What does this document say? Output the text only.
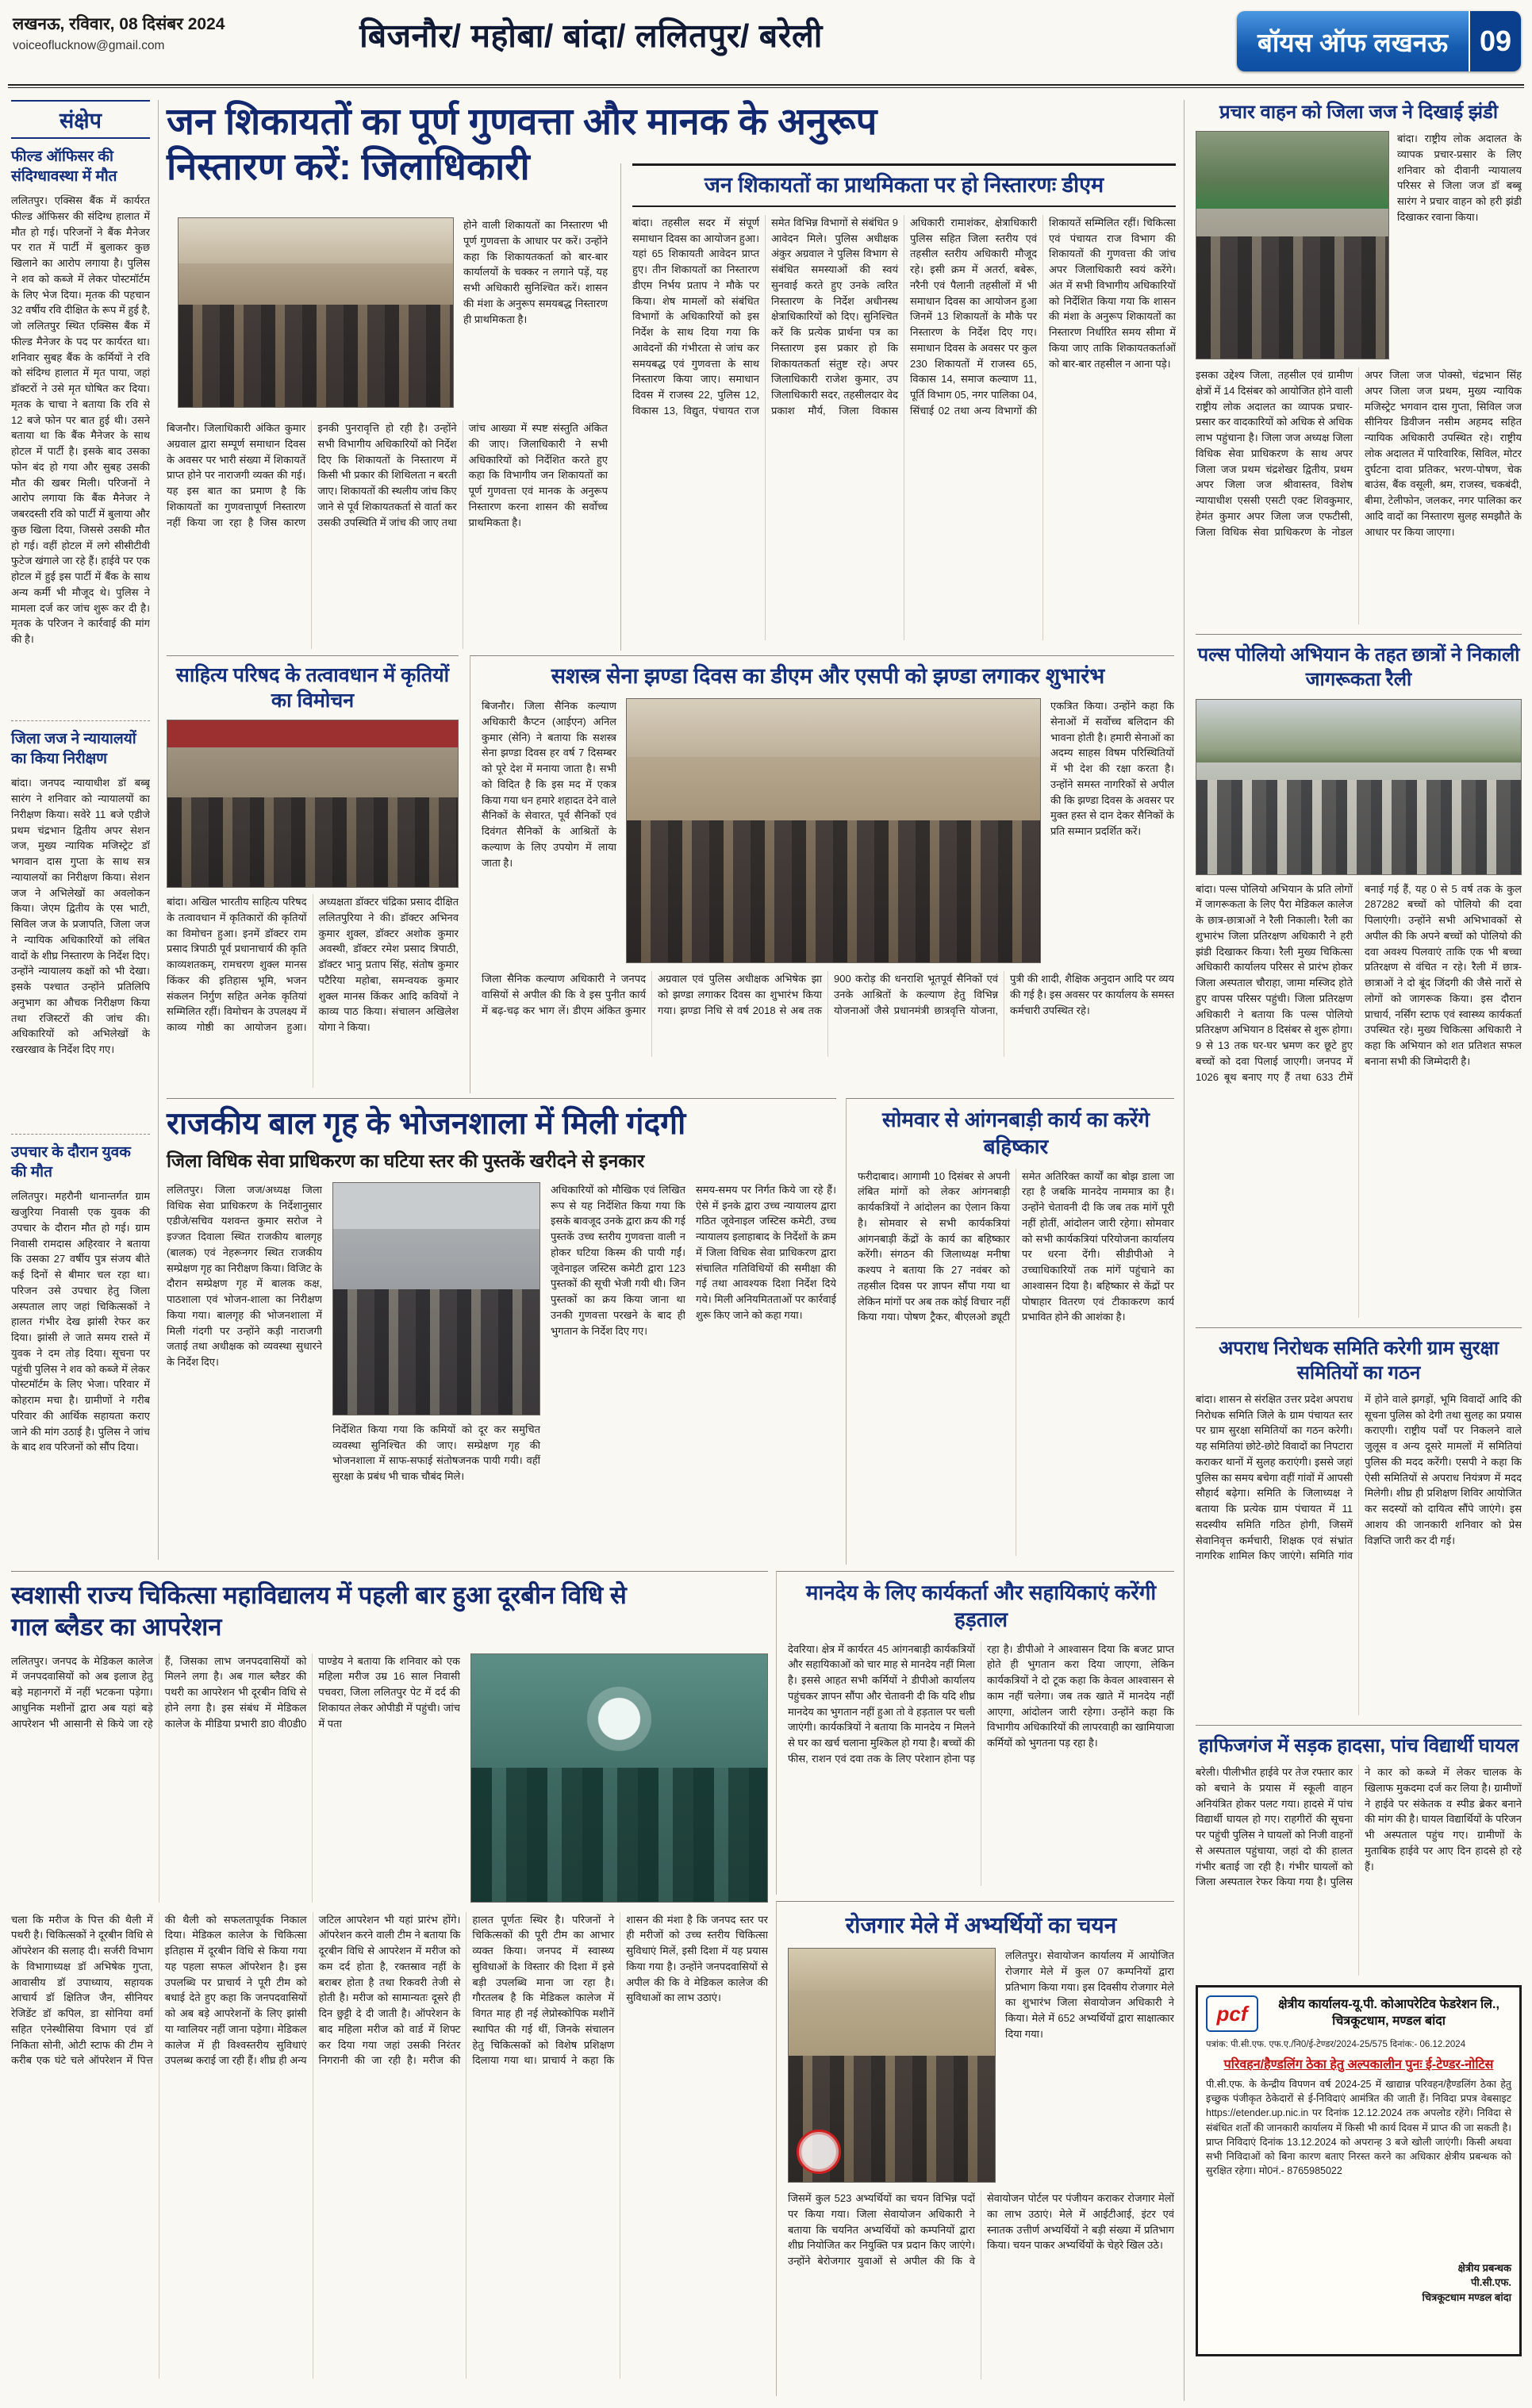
लखनऊ, रविवार, 08 दिसंबर 2024
voiceoflucknow@gmail.com	बिजनौर/ महोबा/ बांदा/ ललितपुर/ बरेली	बॉयस ऑफ लखनऊ	09
संक्षेप
फील्ड ऑफिसर की संदिग्धावस्था में मौत
ललितपुर। एक्सिस बैंक में कार्यरत फील्ड ऑफिसर की संदिग्ध हालात में मौत हो गई। परिजनों ने बैंक मैनेजर पर रात में पार्टी में बुलाकर कुछ खिलाने का आरोप लगाया है। पुलिस ने शव को कब्जे में लेकर पोस्टमॉर्टम के लिए भेज दिया। मृतक की पहचान 32 वर्षीय रवि दीक्षित के रूप में हुई है, जो ललितपुर स्थित एक्सिस बैंक में फील्ड मैनेजर के पद पर कार्यरत था। शनिवार सुबह बैंक के कर्मियों ने रवि को संदिग्ध हालात में मृत पाया, जहां डॉक्टरों ने उसे मृत घोषित कर दिया। मृतक के चाचा ने बताया कि रवि से 12 बजे फोन पर बात हुई थी। उसने बताया था कि बैंक मैनेजर के साथ होटल में पार्टी है। इसके बाद उसका फोन बंद हो गया और सुबह उसकी मौत की खबर मिली। परिजनों ने आरोप लगाया कि बैंक मैनेजर ने जबरदस्ती रवि को पार्टी में बुलाया और कुछ खिला दिया, जिससे उसकी मौत हो गई। वहीं होटल में लगे सीसीटीवी फुटेज खंगाले जा रहे हैं। हाईवे पर एक होटल में हुई इस पार्टी में बैंक के साथ अन्य कर्मी भी मौजूद थे। पुलिस ने मामला दर्ज कर जांच शुरू कर दी है। मृतक के परिजन ने कार्रवाई की मांग की है।
जिला जज ने न्यायालयों का किया निरीक्षण
बांदा। जनपद न्यायाधीश डॉ बब्बू सारंग ने शनिवार को न्यायालयों का निरीक्षण किया। सवेरे 11 बजे एडीजे प्रथम चंद्रभान द्वितीय अपर सेशन जज, मुख्य न्यायिक मजिस्ट्रेट डॉ भगवान दास गुप्ता के साथ सत्र न्यायालयों का निरीक्षण किया। सेशन जज ने अभिलेखों का अवलोकन किया। जेएम द्वितीय के एस भाटी, सिविल जज के प्रजापति, जिला जज ने न्यायिक अधिकारियों को लंबित वादों के शीघ्र निस्तारण के निर्देश दिए। उन्होंने न्यायालय कक्षों को भी देखा। इसके पश्चात उन्होंने प्रतिलिपि अनुभाग का औचक निरीक्षण किया तथा रजिस्टरों की जांच की। अधिकारियों को अभिलेखों के रखरखाव के निर्देश दिए गए।
उपचार के दौरान युवक की मौत
ललितपुर। महरौनी थानान्तर्गत ग्राम खजुरिया निवासी एक युवक की उपचार के दौरान मौत हो गई। ग्राम निवासी रामदास अहिरवार ने बताया कि उसका 27 वर्षीय पुत्र संजय बीते कई दिनों से बीमार चल रहा था। परिजन उसे उपचार हेतु जिला अस्पताल लाए जहां चिकित्सकों ने हालत गंभीर देख झांसी रेफर कर दिया। झांसी ले जाते समय रास्ते में युवक ने दम तोड़ दिया। सूचना पर पहुंची पुलिस ने शव को कब्जे में लेकर पोस्टमॉर्टम के लिए भेजा। परिवार में कोहराम मचा है। ग्रामीणों ने गरीब परिवार की आर्थिक सहायता कराए जाने की मांग उठाई है। पुलिस ने जांच के बाद शव परिजनों को सौंप दिया।
जन शिकायतों का पूर्ण गुणवत्ता और मानक के अनुरूप निस्तारण करें: जिलाधिकारी
होने वाली शिकायतों का निस्तारण भी पूर्ण गुणवत्ता के आधार पर करें। उन्होंने कहा कि शिकायतकर्ता को बार-बार कार्यालयों के चक्कर न लगाने पड़ें, यह सभी अधिकारी सुनिश्चित करें। शासन की मंशा के अनुरूप समयबद्ध निस्तारण ही प्राथमिकता है।
बिजनौर। जिलाधिकारी अंकित कुमार अग्रवाल द्वारा सम्पूर्ण समाधान दिवस के अवसर पर भारी संख्या में शिकायतें प्राप्त होने पर नाराजगी व्यक्त की गई। यह इस बात का प्रमाण है कि शिकायतों का गुणवत्तापूर्ण निस्तारण नहीं किया जा रहा है जिस कारण इनकी पुनरावृत्ति हो रही है। उन्होंने सभी विभागीय अधिकारियों को निर्देश दिए कि शिकायतों के निस्तारण में किसी भी प्रकार की शिथिलता न बरती जाए। शिकायतों की स्थलीय जांच किए जाने से पूर्व शिकायतकर्ता से वार्ता कर उसकी उपस्थिति में जांच की जाए तथा जांच आख्या में स्पष्ट संस्तुति अंकित की जाए। जिलाधिकारी ने सभी अधिकारियों को निर्देशित करते हुए कहा कि विभागीय जन शिकायतों का पूर्ण गुणवत्ता एवं मानक के अनुरूप निस्तारण करना शासन की सर्वोच्च प्राथमिकता है।
जन शिकायतों का प्राथमिकता पर हो निस्तारणः डीएम
बांदा। तहसील सदर में संपूर्ण समाधान दिवस का आयोजन हुआ। यहां 65 शिकायती आवेदन प्राप्त हुए। तीन शिकायतों का निस्तारण डीएम निर्भय प्रताप ने मौके पर किया। शेष मामलों को संबंधित विभागों के अधिकारियों को इस निर्देश के साथ दिया गया कि आवेदनों की गंभीरता से जांच कर समयबद्ध एवं गुणवत्ता के साथ निस्तारण किया जाए। समाधान दिवस में राजस्व 22, पुलिस 12, विकास 13, विद्युत, पंचायत राज समेत विभिन्न विभागों से संबंधित 9 आवेदन मिले। पुलिस अधीक्षक अंकुर अग्रवाल ने पुलिस विभाग से संबंधित समस्याओं की स्वयं सुनवाई करते हुए उनके त्वरित निस्तारण के निर्देश अधीनस्थ क्षेत्राधिकारियों को दिए। सुनिश्चित करें कि प्रत्येक प्रार्थना पत्र का निस्तारण इस प्रकार हो कि शिकायतकर्ता संतुष्ट रहे। अपर जिलाधिकारी राजेश कुमार, उप जिलाधिकारी सदर, तहसीलदार वेद प्रकाश मौर्य, जिला विकास अधिकारी रामाशंकर, क्षेत्राधिकारी पुलिस सहित जिला स्तरीय एवं तहसील स्तरीय अधिकारी मौजूद रहे। इसी क्रम में अतर्रा, बबेरू, नरैनी एवं पैलानी तहसीलों में भी समाधान दिवस का आयोजन हुआ जिनमें 13 शिकायतों के मौके पर निस्तारण के निर्देश दिए गए। समाधान दिवस के अवसर पर कुल 230 शिकायतों में राजस्व 65, विकास 14, समाज कल्याण 11, पूर्ति विभाग 05, नगर पालिका 04, सिंचाई 02 तथा अन्य विभागों की शिकायतें सम्मिलित रहीं। चिकित्सा एवं पंचायत राज विभाग की शिकायतों की गुणवत्ता की जांच अपर जिलाधिकारी स्वयं करेंगे। अंत में सभी विभागीय अधिकारियों को निर्देशित किया गया कि शासन की मंशा के अनुरूप शिकायतों का निस्तारण निर्धारित समय सीमा में किया जाए ताकि शिकायतकर्ताओं को बार-बार तहसील न आना पड़े।
साहित्य परिषद के तत्वावधान में कृतियों का विमोचन
बांदा। अखिल भारतीय साहित्य परिषद के तत्वावधान में कृतिकारों की कृतियों का विमोचन हुआ। इनमें डॉक्टर राम प्रसाद त्रिपाठी पूर्व प्रधानाचार्य की कृति काव्यशतकम्, रामचरण शुक्ल मानस किंकर की इतिहास भूमि, भजन संकलन निर्गुण सहित अनेक कृतियां सम्मिलित रहीं। विमोचन के उपलक्ष्य में काव्य गोष्ठी का आयोजन हुआ। अध्यक्षता डॉक्टर चंद्रिका प्रसाद दीक्षित ललितपुरिया ने की। डॉक्टर अभिनव कुमार शुक्ल, डॉक्टर अशोक कुमार अवस्थी, डॉक्टर रमेश प्रसाद त्रिपाठी, डॉक्टर भानु प्रताप सिंह, संतोष कुमार पटैरिया महोबा, समन्वयक कुमार शुक्ल मानस किंकर आदि कवियों ने काव्य पाठ किया। संचालन अखिलेश योगा ने किया।
सशस्त्र सेना झण्डा दिवस का डीएम और एसपी को झण्डा लगाकर शुभारंभ
बिजनौर। जिला सैनिक कल्याण अधिकारी कैप्टन (आईएन) अनिल कुमार (सेनि) ने बताया कि सशस्त्र सेना झण्डा दिवस हर वर्ष 7 दिसम्बर को पूरे देश में मनाया जाता है। सभी को विदित है कि इस मद में एकत्र किया गया धन हमारे शहादत देने वाले सैनिकों के सेवारत, पूर्व सैनिकों एवं दिवंगत सैनिकों के आश्रितों के कल्याण के लिए उपयोग में लाया जाता है।
एकत्रित किया। उन्होंने कहा कि सेनाओं में सर्वोच्च बलिदान की भावना होती है। हमारी सेनाओं का अदम्य साहस विषम परिस्थितियों में भी देश की रक्षा करता है। उन्होंने समस्त नागरिकों से अपील की कि झण्डा दिवस के अवसर पर मुक्त हस्त से दान देकर सैनिकों के प्रति सम्मान प्रदर्शित करें।
जिला सैनिक कल्याण अधिकारी ने जनपद वासियों से अपील की कि वे इस पुनीत कार्य में बढ़-चढ़ कर भाग लें। डीएम अंकित कुमार अग्रवाल एवं पुलिस अधीक्षक अभिषेक झा को झण्डा लगाकर दिवस का शुभारंभ किया गया। झण्डा निधि से वर्ष 2018 से अब तक 900 करोड़ की धनराशि भूतपूर्व सैनिकों एवं उनके आश्रितों के कल्याण हेतु विभिन्न योजनाओं जैसे प्रधानमंत्री छात्रवृत्ति योजना, पुत्री की शादी, शैक्षिक अनुदान आदि पर व्यय की गई है। इस अवसर पर कार्यालय के समस्त कर्मचारी उपस्थित रहे।
राजकीय बाल गृह के भोजनशाला में मिली गंदगी
जिला विधिक सेवा प्राधिकरण का घटिया स्तर की पुस्तकें खरीदने से इनकार
ललितपुर। जिला जज/अध्यक्ष जिला विधिक सेवा प्राधिकरण के निर्देशानुसार एडीजे/सचिव यशवन्त कुमार सरोज ने इज्जत दिवाला स्थित राजकीय बालगृह (बालक) एवं नेहरूनगर स्थित राजकीय सम्प्रेक्षण गृह का निरीक्षण किया। विजिट के दौरान सम्प्रेक्षण गृह में बालक कक्ष, पाठशाला एवं भोजन-शाला का निरीक्षण किया गया। बालगृह की भोजनशाला में मिली गंदगी पर उन्होंने कड़ी नाराजगी जताई तथा अधीक्षक को व्यवस्था सुधारने के निर्देश दिए।
निर्देशित किया गया कि कमियों को दूर कर समुचित व्यवस्था सुनिश्चित की जाए। सम्प्रेक्षण गृह की भोजनशाला में साफ-सफाई संतोषजनक पायी गयी। वहीं सुरक्षा के प्रबंध भी चाक चौबंद मिले।
अधिकारियों को मौखिक एवं लिखित रूप से यह निर्देशित किया गया कि इसके बावजूद उनके द्वारा क्रय की गई पुस्तकें उच्च स्तरीय गुणवत्ता वाली न होकर घटिया किस्म की पायी गईं। जूवेनाइल जस्टिस कमेटी द्वारा 123 पुस्तकों की सूची भेजी गयी थी। जिन पुस्तकों का क्रय किया जाना था उनकी गुणवत्ता परखने के बाद ही भुगतान के निर्देश दिए गए।
समय-समय पर निर्गत किये जा रहे हैं। ऐसे में इनके द्वारा उच्च न्यायालय द्वारा गठित जूवेनाइल जस्टिस कमेटी, उच्च न्यायालय इलाहाबाद के निर्देशों के क्रम में जिला विधिक सेवा प्राधिकरण द्वारा संचालित गतिविधियों की समीक्षा की गई तथा आवश्यक दिशा निर्देश दिये गये। मिली अनियमितताओं पर कार्रवाई शुरू किए जाने को कहा गया।
सोमवार से आंगनबाड़ी कार्य का करेंगे बहिष्कार
फरीदाबाद। आगामी 10 दिसंबर से अपनी लंबित मांगों को लेकर आंगनबाड़ी कार्यकत्रियों ने आंदोलन का ऐलान किया है। सोमवार से सभी कार्यकत्रियां आंगनबाड़ी केंद्रों के कार्य का बहिष्कार करेंगी। संगठन की जिलाध्यक्ष मनीषा कश्यप ने बताया कि 27 नवंबर को तहसील दिवस पर ज्ञापन सौंपा गया था लेकिन मांगों पर अब तक कोई विचार नहीं किया गया। पोषण ट्रैकर, बीएलओ ड्यूटी समेत अतिरिक्त कार्यों का बोझ डाला जा रहा है जबकि मानदेय नाममात्र का है। उन्होंने चेतावनी दी कि जब तक मांगें पूरी नहीं होतीं, आंदोलन जारी रहेगा। सोमवार को सभी कार्यकत्रियां परियोजना कार्यालय पर धरना देंगी। सीडीपीओ ने उच्चाधिकारियों तक मांगें पहुंचाने का आश्वासन दिया है। बहिष्कार से केंद्रों पर पोषाहार वितरण एवं टीकाकरण कार्य प्रभावित होने की आशंका है।
स्वशासी राज्य चिकित्सा महाविद्यालय में पहली बार हुआ दूरबीन विधि से गाल ब्लैडर का आपरेशन
ललितपुर। जनपद के मेडिकल कालेज में जनपदवासियों को अब इलाज हेतु बड़े महानगरों में नहीं भटकना पड़ेगा। आधुनिक मशीनों द्वारा अब यहां बड़े आपरेशन भी आसानी से किये जा रहे हैं, जिसका लाभ जनपदवासियों को मिलने लगा है। अब गाल ब्लैडर की पथरी का आपरेशन भी दूरबीन विधि से होने लगा है। इस संबंध में मेडिकल कालेज के मीडिया प्रभारी डा0 वी0डी0 पाण्डेय ने बताया कि शनिवार को एक महिला मरीज उम्र 16 साल निवासी पचवरा, जिला ललितपुर पेट में दर्द की शिकायत लेकर ओपीडी में पहुंची। जांच में पता
चला कि मरीज के पित्त की थैली में पथरी है। चिकित्सकों ने दूरबीन विधि से ऑपरेशन की सलाह दी। सर्जरी विभाग के विभागाध्यक्ष डॉ अभिषेक गुप्ता, आवासीय डॉ उपाध्याय, सहायक आचार्य डॉ क्षितिज जैन, सीनियर रेजिडेंट डॉ कपिल, डा सोनिया वर्मा सहित एनेस्थीसिया विभाग एवं डॉ निकिता सोनी, ओटी स्टाफ की टीम ने करीब एक घंटे चले ऑपरेशन में पित्त की थैली को सफलतापूर्वक निकाल दिया। मेडिकल कालेज के चिकित्सा इतिहास में दूरबीन विधि से किया गया यह पहला सफल ऑपरेशन है। इस उपलब्धि पर प्राचार्य ने पूरी टीम को बधाई देते हुए कहा कि जनपदवासियों को अब बड़े आपरेशनों के लिए झांसी या ग्वालियर नहीं जाना पड़ेगा। मेडिकल कालेज में ही विश्वस्तरीय सुविधाएं उपलब्ध कराई जा रही हैं। शीघ्र ही अन्य जटिल आपरेशन भी यहां प्रारंभ होंगे। ऑपरेशन करने वाली टीम ने बताया कि दूरबीन विधि से आपरेशन में मरीज को कम दर्द होता है, रक्तस्राव नहीं के बराबर होता है तथा रिकवरी तेजी से होती है। मरीज को सामान्यतः दूसरे ही दिन छुट्टी दे दी जाती है। ऑपरेशन के बाद महिला मरीज को वार्ड में शिफ्ट कर दिया गया जहां उसकी निरंतर निगरानी की जा रही है। मरीज की हालत पूर्णतः स्थिर है। परिजनों ने चिकित्सकों की पूरी टीम का आभार व्यक्त किया। जनपद में स्वास्थ्य सुविधाओं के विस्तार की दिशा में इसे बड़ी उपलब्धि माना जा रहा है। गौरतलब है कि मेडिकल कालेज में विगत माह ही नई लेप्रोस्कोपिक मशीनें स्थापित की गई थीं, जिनके संचालन हेतु चिकित्सकों को विशेष प्रशिक्षण दिलाया गया था। प्राचार्य ने कहा कि शासन की मंशा है कि जनपद स्तर पर ही मरीजों को उच्च स्तरीय चिकित्सा सुविधाएं मिलें, इसी दिशा में यह प्रयास किया गया है। उन्होंने जनपदवासियों से अपील की कि वे मेडिकल कालेज की सुविधाओं का लाभ उठाएं।
मानदेय के लिए कार्यकर्ता और सहायिकाएं करेंगी हड़ताल
देवरिया। क्षेत्र में कार्यरत 45 आंगनबाड़ी कार्यकत्रियों और सहायिकाओं को चार माह से मानदेय नहीं मिला है। इससे आहत सभी कर्मियों ने डीपीओ कार्यालय पहुंचकर ज्ञापन सौंपा और चेतावनी दी कि यदि शीघ्र मानदेय का भुगतान नहीं हुआ तो वे हड़ताल पर चली जाएंगी। कार्यकत्रियों ने बताया कि मानदेय न मिलने से घर का खर्च चलाना मुश्किल हो गया है। बच्चों की फीस, राशन एवं दवा तक के लिए परेशान होना पड़ रहा है। डीपीओ ने आश्वासन दिया कि बजट प्राप्त होते ही भुगतान करा दिया जाएगा, लेकिन कार्यकत्रियों ने दो टूक कहा कि केवल आश्वासन से काम नहीं चलेगा। जब तक खाते में मानदेय नहीं आएगा, आंदोलन जारी रहेगा। उन्होंने कहा कि विभागीय अधिकारियों की लापरवाही का खामियाजा कर्मियों को भुगतना पड़ रहा है।
रोजगार मेले में अभ्यर्थियों का चयन
ललितपुर। सेवायोजन कार्यालय में आयोजित रोजगार मेले में कुल 07 कम्पनियों द्वारा प्रतिभाग किया गया। इस दिवसीय रोजगार मेले का शुभारंभ जिला सेवायोजन अधिकारी ने किया। मेले में 652 अभ्यर्थियों द्वारा साक्षात्कार दिया गया।
जिसमें कुल 523 अभ्यर्थियों का चयन विभिन्न पदों पर किया गया। जिला सेवायोजन अधिकारी ने बताया कि चयनित अभ्यर्थियों को कम्पनियों द्वारा शीघ्र नियोजित कर नियुक्ति पत्र प्रदान किए जाएंगे। उन्होंने बेरोजगार युवाओं से अपील की कि वे सेवायोजन पोर्टल पर पंजीयन कराकर रोजगार मेलों का लाभ उठाएं। मेले में आईटीआई, इंटर एवं स्नातक उत्तीर्ण अभ्यर्थियों ने बड़ी संख्या में प्रतिभाग किया। चयन पाकर अभ्यर्थियों के चेहरे खिल उठे।
प्रचार वाहन को जिला जज ने दिखाई झंडी
बांदा। राष्ट्रीय लोक अदालत के व्यापक प्रचार-प्रसार के लिए शनिवार को दीवानी न्यायालय परिसर से जिला जज डॉ बब्बू सारंग ने प्रचार वाहन को हरी झंडी दिखाकर रवाना किया।
इसका उद्देश्य जिला, तहसील एवं ग्रामीण क्षेत्रों में 14 दिसंबर को आयोजित होने वाली राष्ट्रीय लोक अदालत का व्यापक प्रचार-प्रसार कर वादकारियों को अधिक से अधिक लाभ पहुंचाना है। जिला जज अध्यक्ष जिला विधिक सेवा प्राधिकरण के साथ अपर जिला जज प्रथम चंद्रशेखर द्वितीय, प्रथम अपर जिला जज श्रीवास्तव, विशेष न्यायाधीश एससी एसटी एक्ट शिवकुमार, हेमंत कुमार अपर जिला जज एफटीसी, जिला विधिक सेवा प्राधिकरण के नोडल अपर जिला जज पोक्सो, चंद्रभान सिंह अपर जिला जज प्रथम, मुख्य न्यायिक मजिस्ट्रेट भगवान दास गुप्ता, सिविल जज सीनियर डिवीजन नसीम अहमद सहित न्यायिक अधिकारी उपस्थित रहे। राष्ट्रीय लोक अदालत में पारिवारिक, सिविल, मोटर दुर्घटना दावा प्रतिकर, भरण-पोषण, चेक बाउंस, बैंक वसूली, श्रम, राजस्व, चकबंदी, बीमा, टेलीफोन, जलकर, नगर पालिका कर आदि वादों का निस्तारण सुलह समझौते के आधार पर किया जाएगा।
पल्स पोलियो अभियान के तहत छात्रों ने निकाली जागरूकता रैली
बांदा। पल्स पोलियो अभियान के प्रति लोगों में जागरूकता के लिए पैरा मेडिकल कालेज के छात्र-छात्राओं ने रैली निकाली। रैली का शुभारंभ जिला प्रतिरक्षण अधिकारी ने हरी झंडी दिखाकर किया। रैली मुख्य चिकित्सा अधिकारी कार्यालय परिसर से प्रारंभ होकर जिला अस्पताल चौराहा, जामा मस्जिद होते हुए वापस परिसर पहुंची। जिला प्रतिरक्षण अधिकारी ने बताया कि पल्स पोलियो प्रतिरक्षण अभियान 8 दिसंबर से शुरू होगा। 9 से 13 तक घर-घर भ्रमण कर छूटे हुए बच्चों को दवा पिलाई जाएगी। जनपद में 1026 बूथ बनाए गए हैं तथा 633 टीमें बनाई गई हैं, यह 0 से 5 वर्ष तक के कुल 287282 बच्चों को पोलियो की दवा पिलाएंगी। उन्होंने सभी अभिभावकों से अपील की कि अपने बच्चों को पोलियो की दवा अवश्य पिलवाएं ताकि एक भी बच्चा प्रतिरक्षण से वंचित न रहे। रैली में छात्र-छात्राओं ने दो बूंद जिंदगी की जैसे नारों से लोगों को जागरूक किया। इस दौरान प्राचार्य, नर्सिंग स्टाफ एवं स्वास्थ्य कार्यकर्ता उपस्थित रहे। मुख्य चिकित्सा अधिकारी ने कहा कि अभियान को शत प्रतिशत सफल बनाना सभी की जिम्मेदारी है।
अपराध निरोधक समिति करेगी ग्राम सुरक्षा समितियों का गठन
बांदा। शासन से संरक्षित उत्तर प्रदेश अपराध निरोधक समिति जिले के ग्राम पंचायत स्तर पर ग्राम सुरक्षा समितियों का गठन करेगी। यह समितियां छोटे-छोटे विवादों का निपटारा कराकर थानों में सुलह कराएंगी। इससे जहां पुलिस का समय बचेगा वहीं गांवों में आपसी सौहार्द बढ़ेगा। समिति के जिलाध्यक्ष ने बताया कि प्रत्येक ग्राम पंचायत में 11 सदस्यीय समिति गठित होगी, जिसमें सेवानिवृत्त कर्मचारी, शिक्षक एवं संभ्रांत नागरिक शामिल किए जाएंगे। समिति गांव में होने वाले झगड़ों, भूमि विवादों आदि की सूचना पुलिस को देगी तथा सुलह का प्रयास कराएगी। राष्ट्रीय पर्वों पर निकलने वाले जुलूस व अन्य दूसरे मामलों में समितियां पुलिस की मदद करेंगी। एसपी ने कहा कि ऐसी समितियों से अपराध नियंत्रण में मदद मिलेगी। शीघ्र ही प्रशिक्षण शिविर आयोजित कर सदस्यों को दायित्व सौंपे जाएंगे। इस आशय की जानकारी शनिवार को प्रेस विज्ञप्ति जारी कर दी गई।
हाफिजगंज में सड़क हादसा, पांच विद्यार्थी घायल
बरेली। पीलीभीत हाईवे पर तेज रफ्तार कार को बचाने के प्रयास में स्कूली वाहन अनियंत्रित होकर पलट गया। हादसे में पांच विद्यार्थी घायल हो गए। राहगीरों की सूचना पर पहुंची पुलिस ने घायलों को निजी वाहनों से अस्पताल पहुंचाया, जहां दो की हालत गंभीर बताई जा रही है। गंभीर घायलों को जिला अस्पताल रेफर किया गया है। पुलिस ने कार को कब्जे में लेकर चालक के खिलाफ मुकदमा दर्ज कर लिया है। ग्रामीणों ने हाईवे पर संकेतक व स्पीड ब्रेकर बनाने की मांग की है। घायल विद्यार्थियों के परिजन भी अस्पताल पहुंच गए। ग्रामीणों के मुताबिक हाईवे पर आए दिन हादसे हो रहे हैं।
pcf	क्षेत्रीय कार्यालय-यू.पी. कोआपरेटिव फेडरेशन लि.,
चित्रकूटधाम, मण्डल बांदा
पत्रांक: पी.सी.एफ. एफ.ए./नि0/ई-टेण्डर/2024-25/575 दिनांक:- 06.12.2024
परिवहन/हैण्डलिंग ठेका हेतु अल्पकालीन पुनः ई-टेण्डर-नोटिस
पी.सी.एफ. के केन्द्रीय विपणन वर्ष 2024-25 में खाद्यान्न परिवहन/हैण्डलिंग ठेका हेतु इच्छुक पंजीकृत ठेकेदारों से ई-निविदाएं आमंत्रित की जाती हैं। निविदा प्रपत्र वेबसाइट https://etender.up.nic.in पर दिनांक 12.12.2024 तक अपलोड रहेंगे। निविदा से संबंधित शर्तों की जानकारी कार्यालय में किसी भी कार्य दिवस में प्राप्त की जा सकती है। प्राप्त निविदाएं दिनांक 13.12.2024 को अपरान्ह 3 बजे खोली जाएंगी। किसी अथवा सभी निविदाओं को बिना कारण बताए निरस्त करने का अधिकार क्षेत्रीय प्रबन्धक को सुरक्षित रहेगा। मो0नं.- 8765985022
क्षेत्रीय प्रबन्धक
पी.सी.एफ.
चित्रकूटधाम मण्डल बांदा
